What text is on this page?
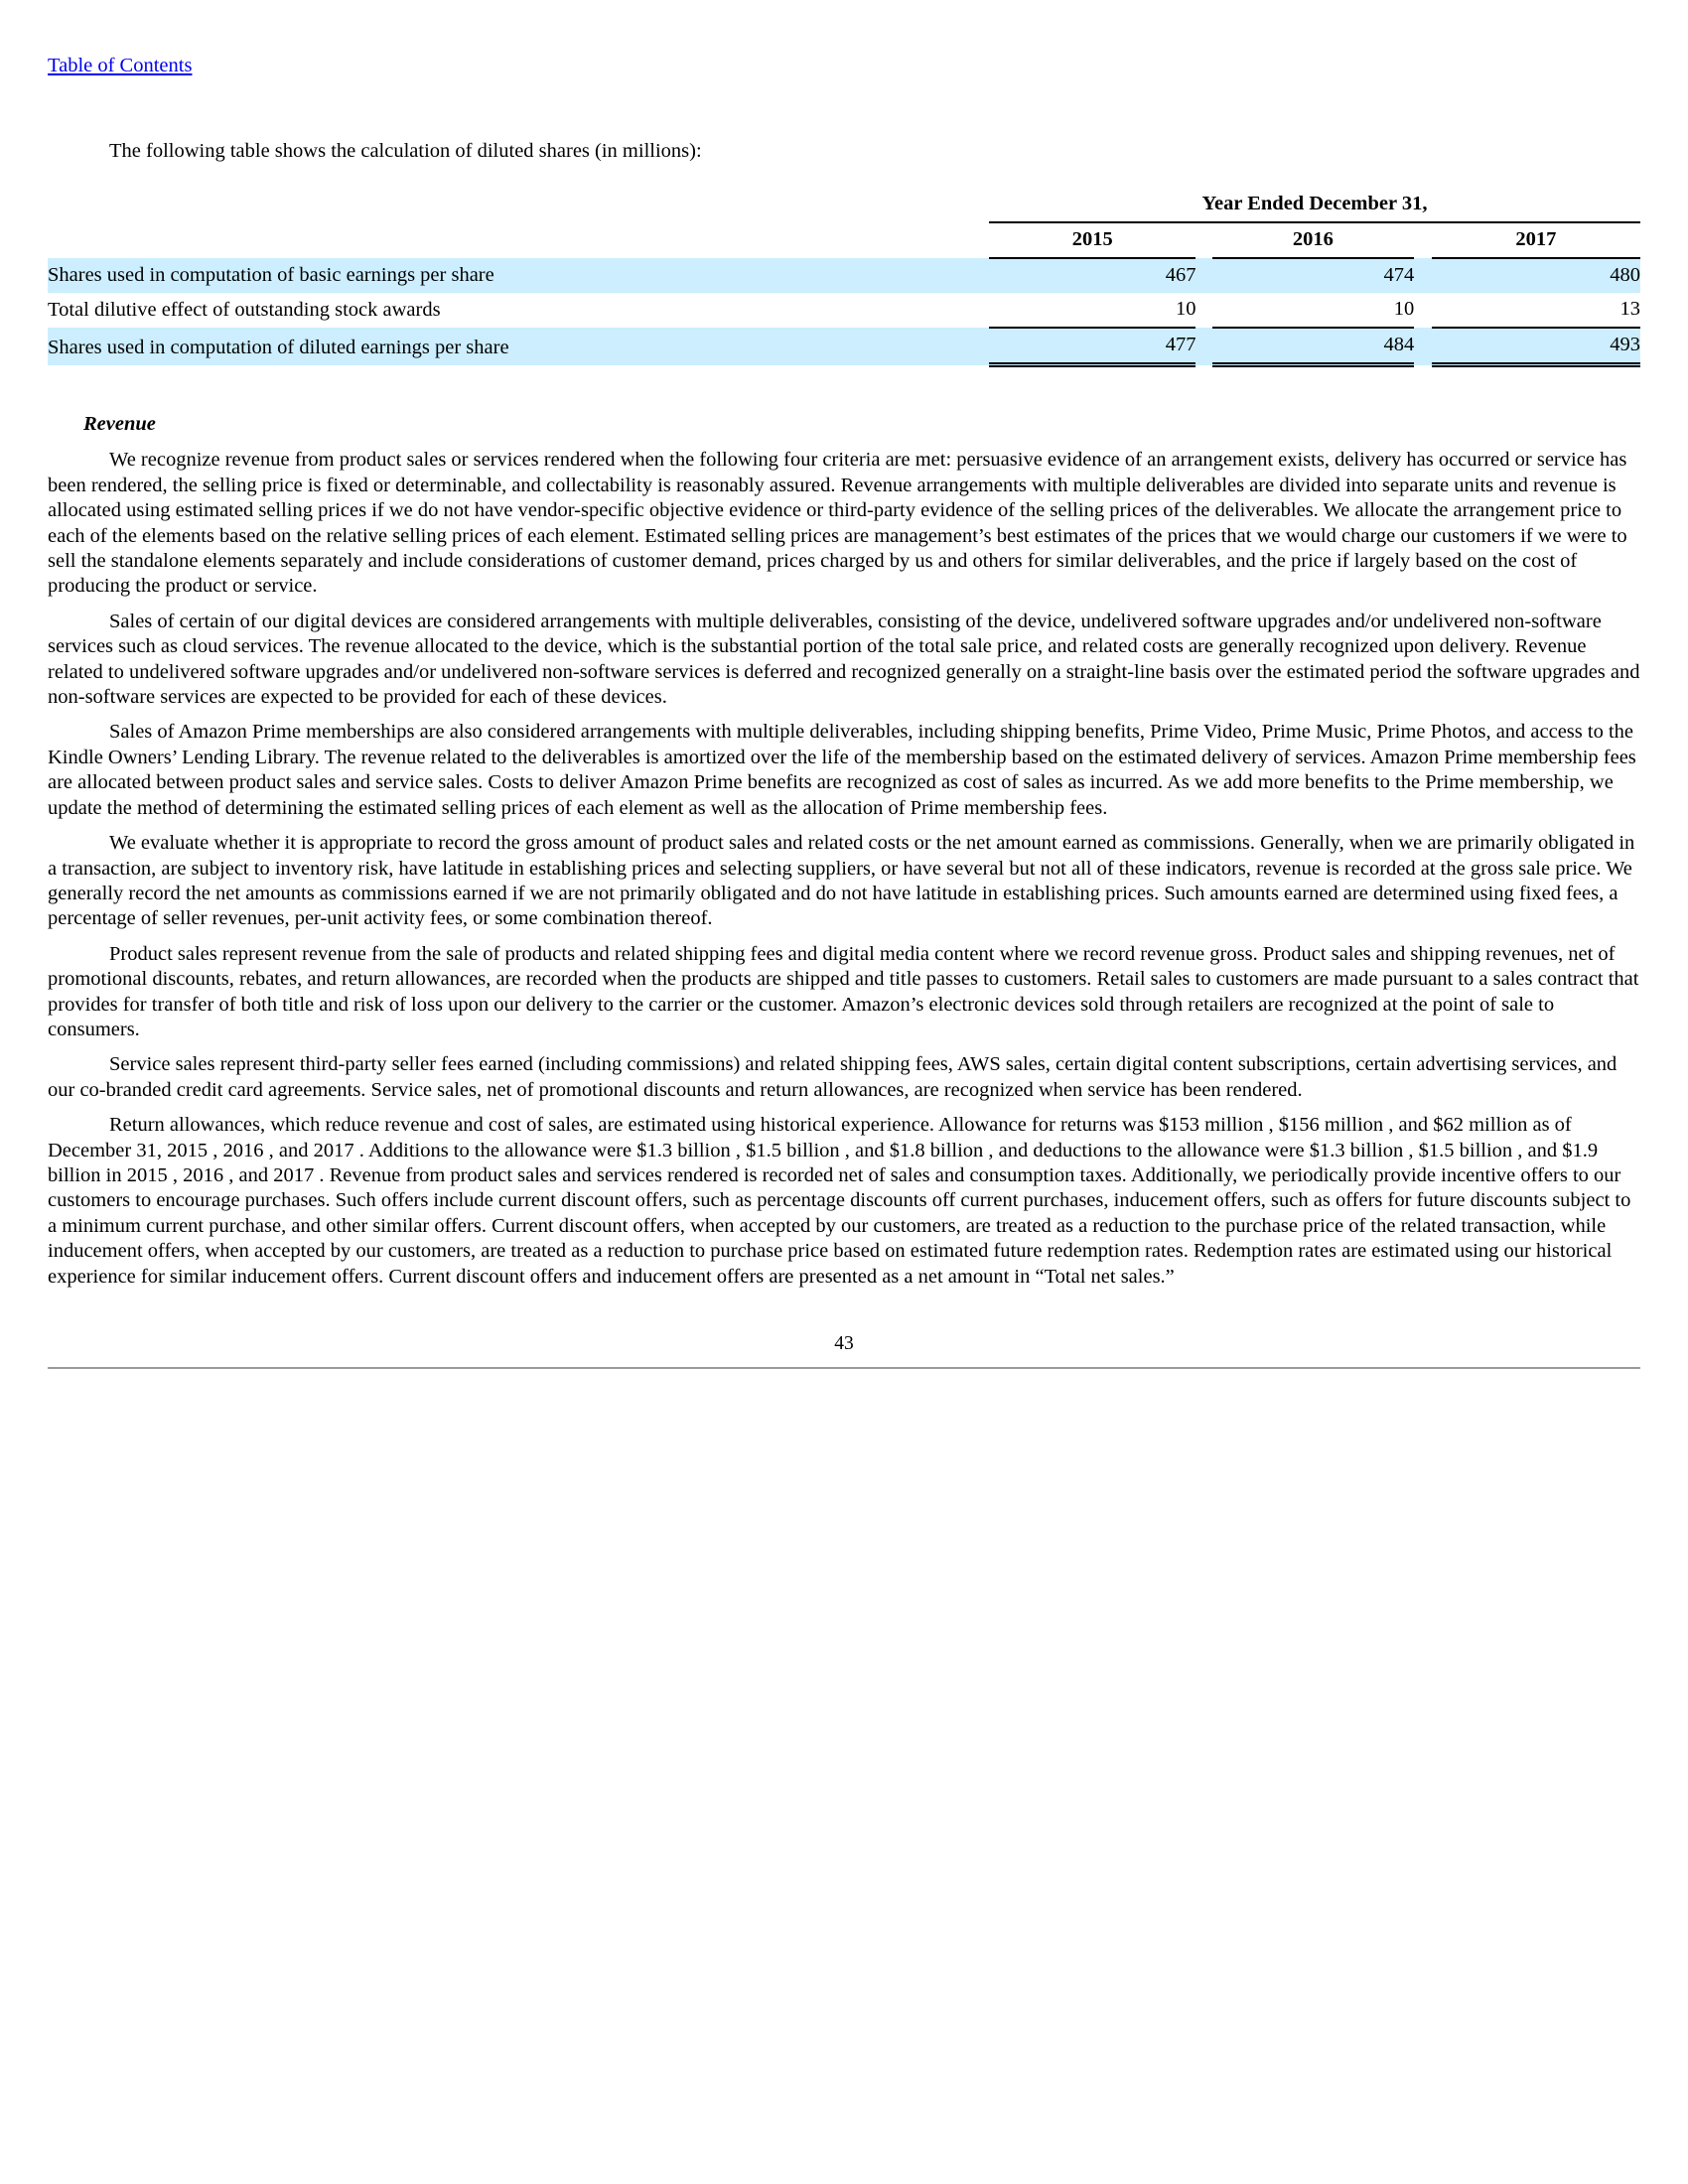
Table of Contents

The following table shows the calculation of diluted shares (in millions):

	Year Ended December 31,				
	2015		2016		2017
Shares used in computation of basic earnings per share	467		474		480
Total dilutive effect of outstanding stock awards	10		10		13
Shares used in computation of diluted earnings per share	477		484		493
Revenue

We recognize revenue from product sales or services rendered when the following four criteria are met: persuasive evidence of an arrangement exists, delivery has occurred or service has been rendered, the selling price is fixed or determinable, and collectability is reasonably assured. Revenue arrangements with multiple deliverables are divided into separate units and revenue is allocated using estimated selling prices if we do not have vendor-specific objective evidence or third-party evidence of the selling prices of the deliverables. We allocate the arrangement price to each of the elements based on the relative selling prices of each element. Estimated selling prices are management’s best estimates of the prices that we would charge our customers if we were to sell the standalone elements separately and include considerations of customer demand, prices charged by us and others for similar deliverables, and the price if largely based on the cost of producing the product or service.

Sales of certain of our digital devices are considered arrangements with multiple deliverables, consisting of the device, undelivered software upgrades and/or undelivered non-software services such as cloud services. The revenue allocated to the device, which is the substantial portion of the total sale price, and related costs are generally recognized upon delivery. Revenue related to undelivered software upgrades and/or undelivered non-software services is deferred and recognized generally on a straight-line basis over the estimated period the software upgrades and non-software services are expected to be provided for each of these devices.

Sales of Amazon Prime memberships are also considered arrangements with multiple deliverables, including shipping benefits, Prime Video, Prime Music, Prime Photos, and access to the Kindle Owners’ Lending Library. The revenue related to the deliverables is amortized over the life of the membership based on the estimated delivery of services. Amazon Prime membership fees are allocated between product sales and service sales. Costs to deliver Amazon Prime benefits are recognized as cost of sales as incurred. As we add more benefits to the Prime membership, we update the method of determining the estimated selling prices of each element as well as the allocation of Prime membership fees.

We evaluate whether it is appropriate to record the gross amount of product sales and related costs or the net amount earned as commissions. Generally, when we are primarily obligated in a transaction, are subject to inventory risk, have latitude in establishing prices and selecting suppliers, or have several but not all of these indicators, revenue is recorded at the gross sale price. We generally record the net amounts as commissions earned if we are not primarily obligated and do not have latitude in establishing prices. Such amounts earned are determined using fixed fees, a percentage of seller revenues, per-unit activity fees, or some combination thereof.

Product sales represent revenue from the sale of products and related shipping fees and digital media content where we record revenue gross. Product sales and shipping revenues, net of promotional discounts, rebates, and return allowances, are recorded when the products are shipped and title passes to customers. Retail sales to customers are made pursuant to a sales contract that provides for transfer of both title and risk of loss upon our delivery to the carrier or the customer. Amazon’s electronic devices sold through retailers are recognized at the point of sale to consumers.

Service sales represent third-party seller fees earned (including commissions) and related shipping fees, AWS sales, certain digital content subscriptions, certain advertising services, and our co-branded credit card agreements. Service sales, net of promotional discounts and return allowances, are recognized when service has been rendered.

Return allowances, which reduce revenue and cost of sales, are estimated using historical experience. Allowance for returns was $153 million , $156 million , and $62 million as of December 31, 2015 , 2016 , and 2017 . Additions to the allowance were $1.3 billion , $1.5 billion , and $1.8 billion , and deductions to the allowance were $1.3 billion , $1.5 billion , and $1.9 billion in 2015 , 2016 , and 2017 . Revenue from product sales and services rendered is recorded net of sales and consumption taxes. Additionally, we periodically provide incentive offers to our customers to encourage purchases. Such offers include current discount offers, such as percentage discounts off current purchases, inducement offers, such as offers for future discounts subject to a minimum current purchase, and other similar offers. Current discount offers, when accepted by our customers, are treated as a reduction to the purchase price of the related transaction, while inducement offers, when accepted by our customers, are treated as a reduction to purchase price based on estimated future redemption rates. Redemption rates are estimated using our historical experience for similar inducement offers. Current discount offers and inducement offers are presented as a net amount in “Total net sales.”

43
